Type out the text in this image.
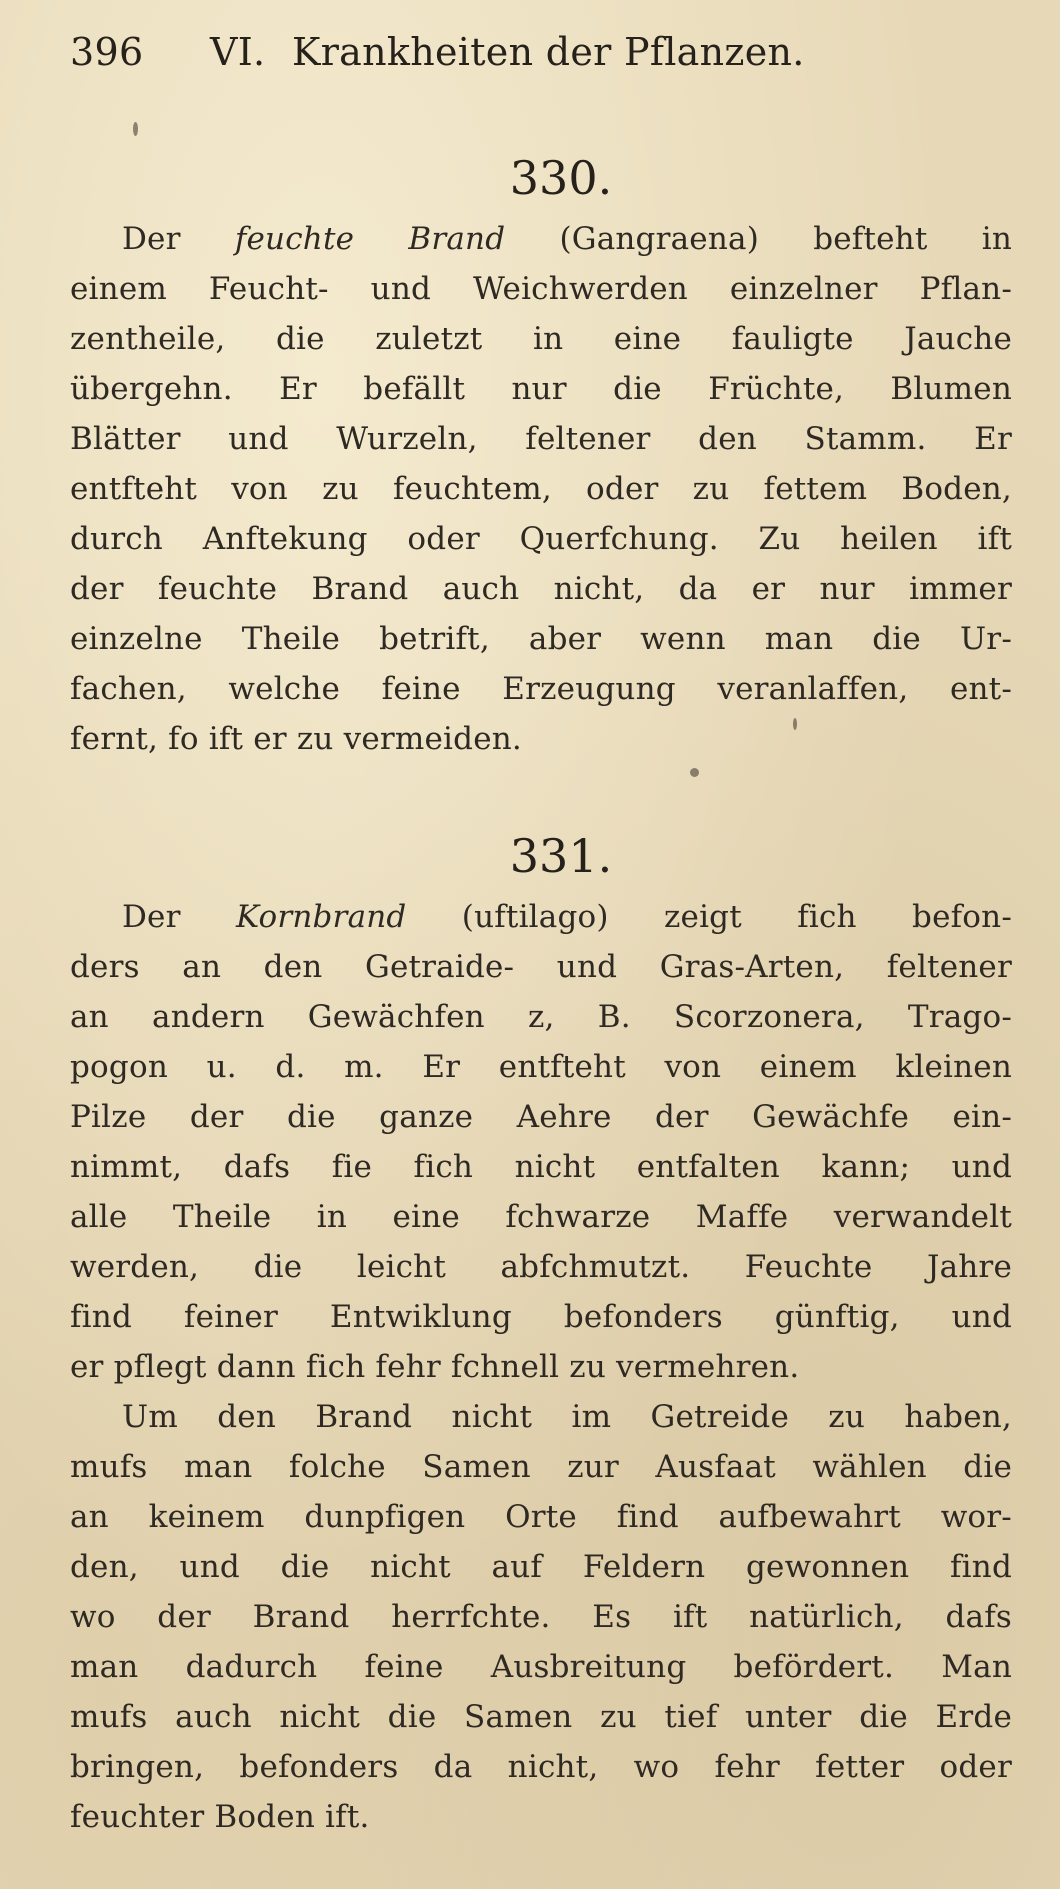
396 VI. Krankheiten der Pflanzen.
330.

Der feuchte Brand (Gangraena) befteht in
einem Feucht- und Weichwerden einzelner Pflan-
zentheile, die zuletzt in eine fauligte Jauche
übergehn. Er befällt nur die Früchte, Blumen
Blätter und Wurzeln, feltener den Stamm. Er
entfteht von zu feuchtem, oder zu fettem Boden,
durch Anftekung oder Querfchung. Zu heilen ift
der feuchte Brand auch nicht, da er nur immer
einzelne Theile betrift, aber wenn man die Ur-
fachen, welche feine Erzeugung veranlaffen, ent-
fernt, fo ift er zu vermeiden.

331.

Der Kornbrand (uftilago) zeigt fich befon-
ders an den Getraide- und Gras-Arten, feltener
an andern Gewächfen z, B. Scorzonera, Trago-
pogon u. d. m. Er entfteht von einem kleinen
Pilze der die ganze Aehre der Gewächfe ein-
nimmt, dafs fie fich nicht entfalten kann; und
alle Theile in eine fchwarze Maffe verwandelt
werden, die leicht abfchmutzt. Feuchte Jahre
find feiner Entwiklung befonders günftig, und
er pflegt dann fich fehr fchnell zu vermehren.

Um den Brand nicht im Getreide zu haben,
mufs man folche Samen zur Ausfaat wählen die
an keinem dunpfigen Orte find aufbewahrt wor-
den, und die nicht auf Feldern gewonnen find
wo der Brand herrfchte. Es ift natürlich, dafs
man dadurch feine Ausbreitung befördert. Man
mufs auch nicht die Samen zu tief unter die Erde
bringen, befonders da nicht, wo fehr fetter oder
feuchter Boden ift.
